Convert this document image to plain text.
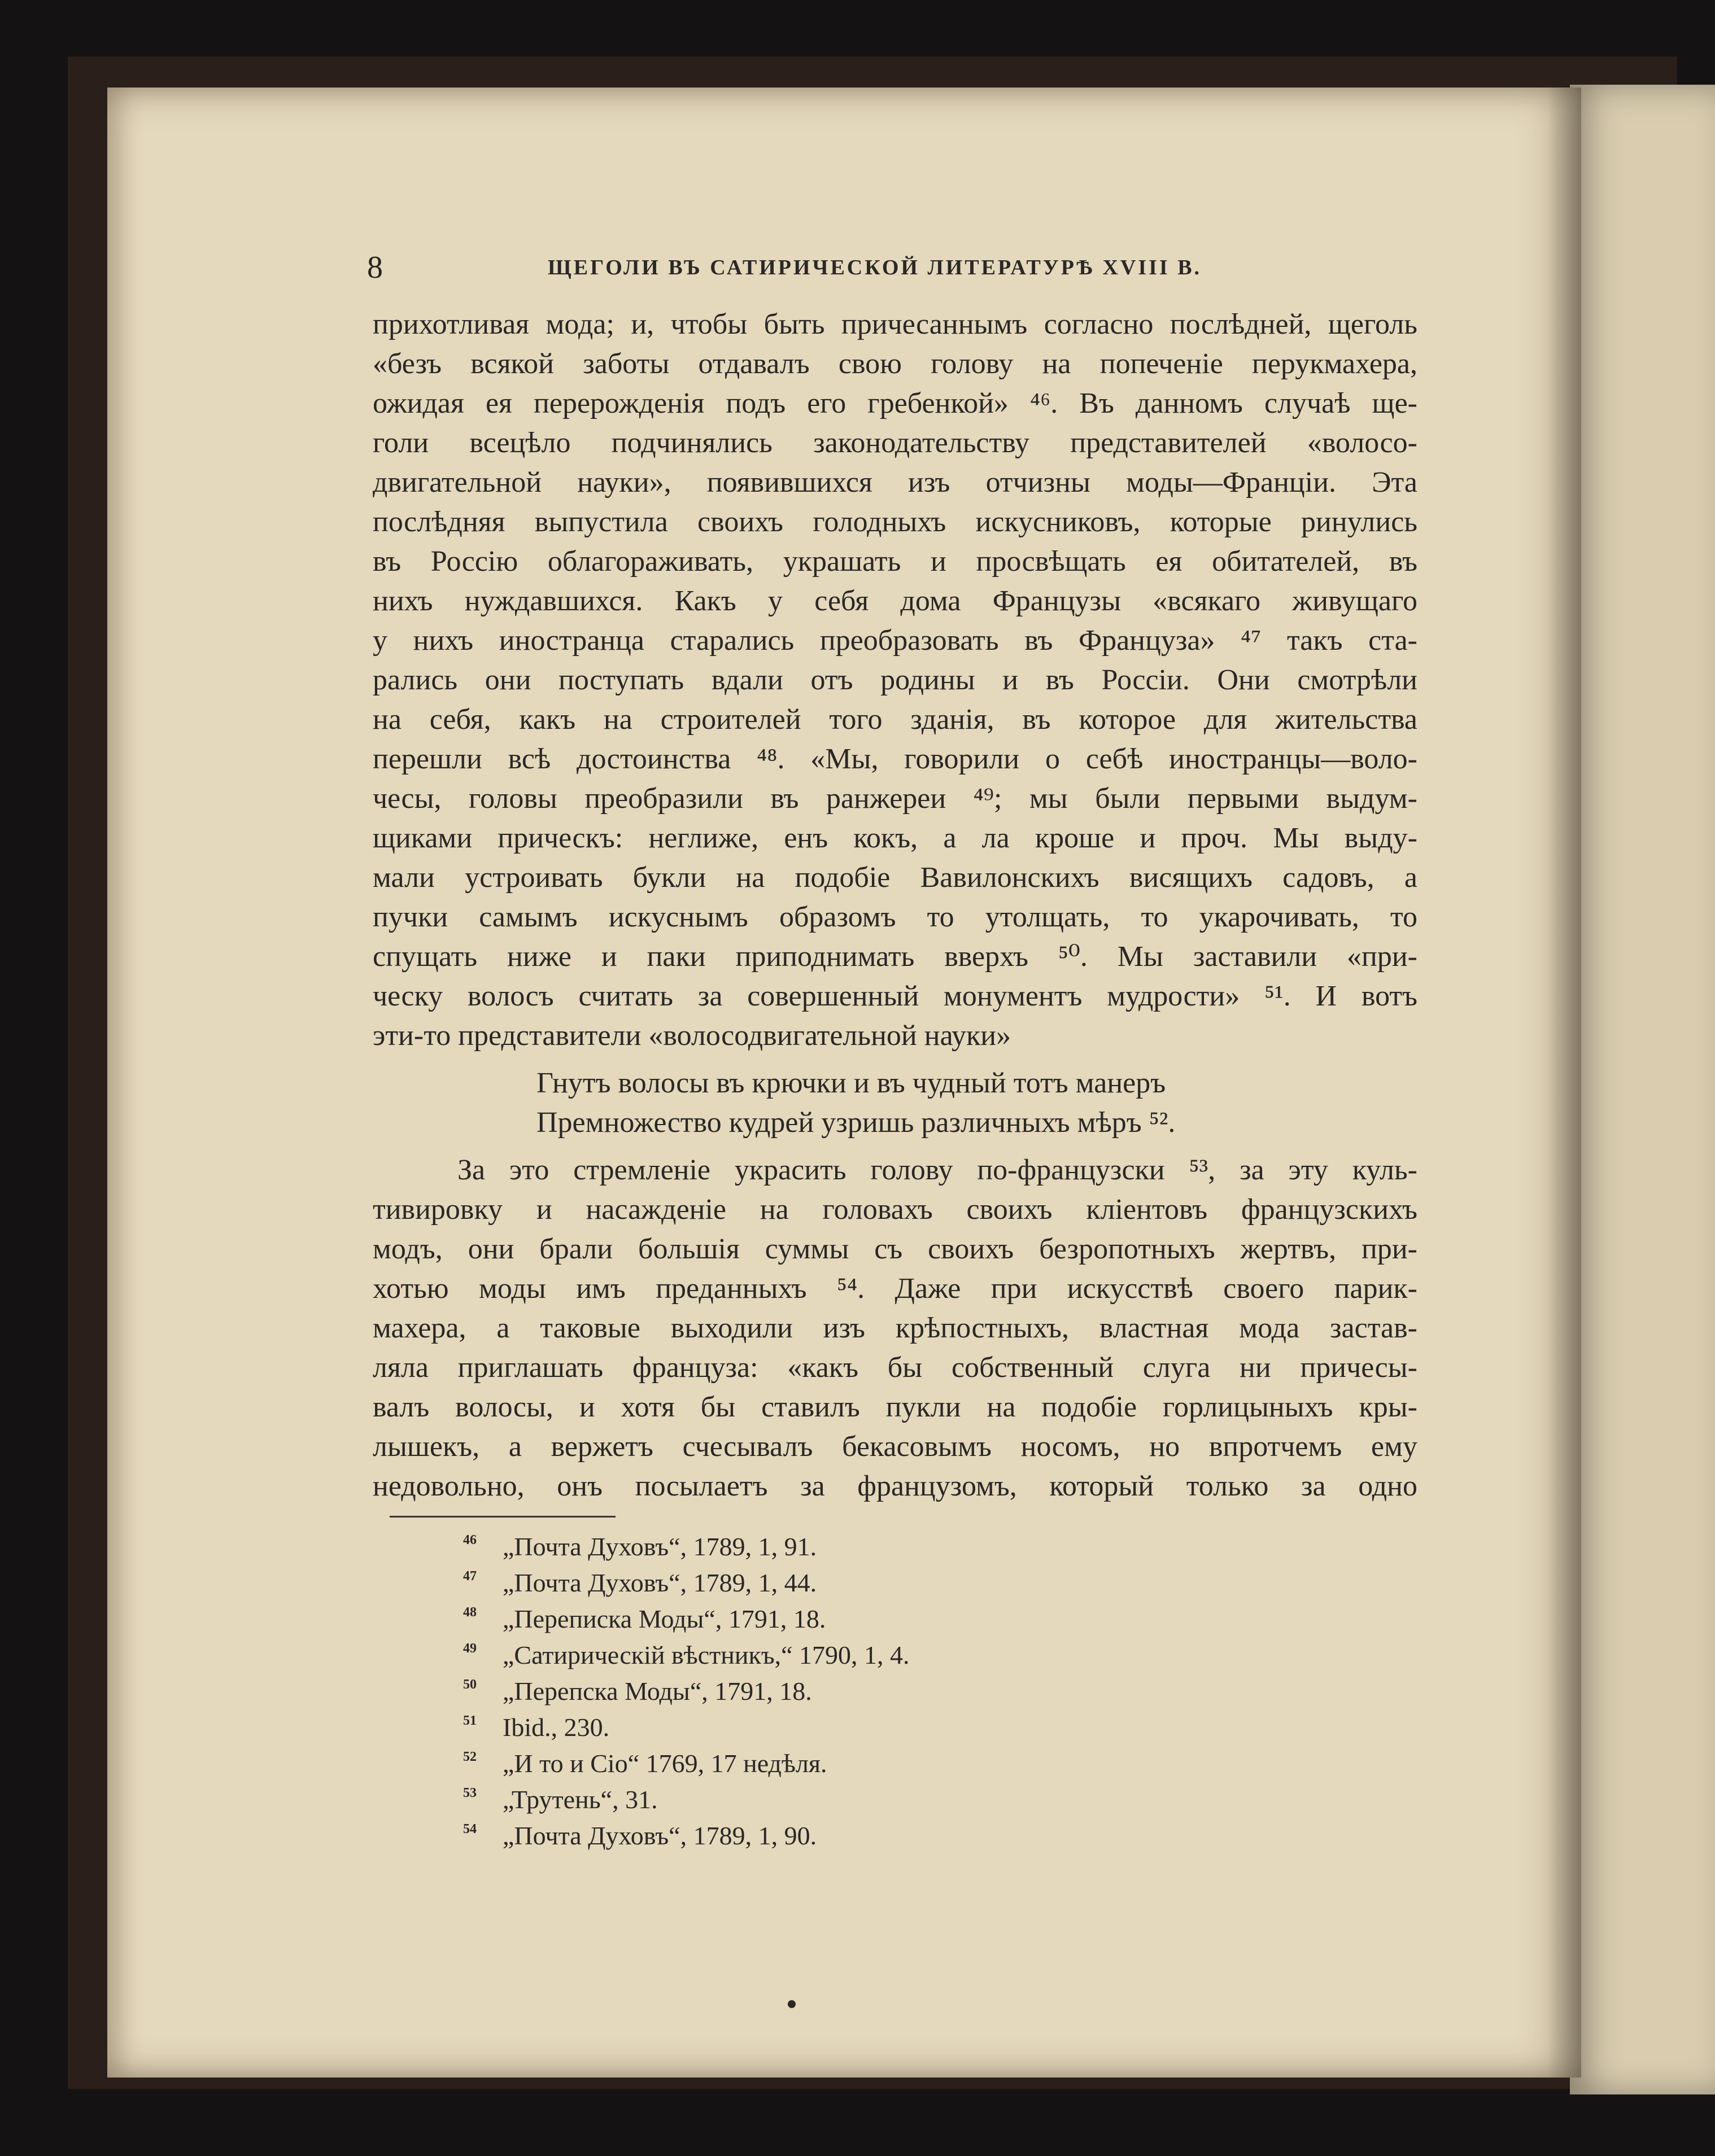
8	ЩЕГОЛИ ВЪ САТИРИЧЕСКОЙ ЛИТЕРАТУРѢ XVIII В.
прихотливая мода; и, чтобы быть причесаннымъ согласно послѣдней, щеголь
«безъ всякой заботы отдавалъ свою голову на попеченіе перукмахера,
ожидая ея перерожденія подъ его гребенкой» ⁴⁶. Въ данномъ случаѣ ще-
голи всецѣло подчинялись законодательству представителей «волосо-
двигательной науки», появившихся изъ отчизны моды—Франціи. Эта
послѣдняя выпустила своихъ голодныхъ искусниковъ, которые ринулись
въ Россію облагораживать, украшать и просвѣщать ея обитателей, въ
нихъ нуждавшихся. Какъ у себя дома Французы «всякаго живущаго
у нихъ иностранца старались преобразовать въ Француза» ⁴⁷ такъ ста-
рались они поступать вдали отъ родины и въ Россіи. Они смотрѣли
на себя, какъ на строителей того зданія, въ которое для жительства
перешли всѣ достоинства ⁴⁸. «Мы, говорили о себѣ иностранцы—воло-
чесы, головы преобразили въ ранжереи ⁴⁹; мы были первыми выдум-
щиками прическъ: неглиже, енъ кокъ, а ла кроше и проч. Мы выду-
мали устроивать букли на подобіе Вавилонскихъ висящихъ садовъ, а
пучки самымъ искуснымъ образомъ то утолщать, то укарочивать, то
спущать ниже и паки приподнимать вверхъ ⁵⁰. Мы заставили «при-
ческу волосъ считать за совершенный монументъ мудрости» ⁵¹. И вотъ
эти-то представители «волосодвигательной науки»
Гнутъ волосы въ крючки и въ чудный тотъ манеръ
Премножество кудрей узришь различныхъ мѣръ ⁵².
За это стремленіе украсить голову по-французски ⁵³, за эту куль-
тивировку и насажденіе на головахъ своихъ кліентовъ французскихъ
модъ, они брали большія суммы съ своихъ безропотныхъ жертвъ, при-
хотью моды имъ преданныхъ ⁵⁴. Даже при искусствѣ своего парик-
махера, а таковые выходили изъ крѣпостныхъ, властная мода застав-
ляла приглашать француза: «какъ бы собственный слуга ни причесы-
валъ волосы, и хотя бы ставилъ пукли на подобіе горлицыныхъ кры-
лышекъ, а вержетъ счесывалъ бекасовымъ носомъ, но впротчемъ ему
недовольно, онъ посылаетъ за французомъ, который только за одно
46	„Почта Духовъ“, 1789, 1, 91.
47	„Почта Духовъ“, 1789, 1, 44.
48	„Переписка Моды“, 1791, 18.
49	„Сатирическій вѣстникъ,“ 1790, 1, 4.
50	„Перепска Моды“, 1791, 18.
51	Ibid., 230.
52	„И то и Сіо“ 1769, 17 недѣля.
53	„Трутень“, 31.
54	„Почта Духовъ“, 1789, 1, 90.
